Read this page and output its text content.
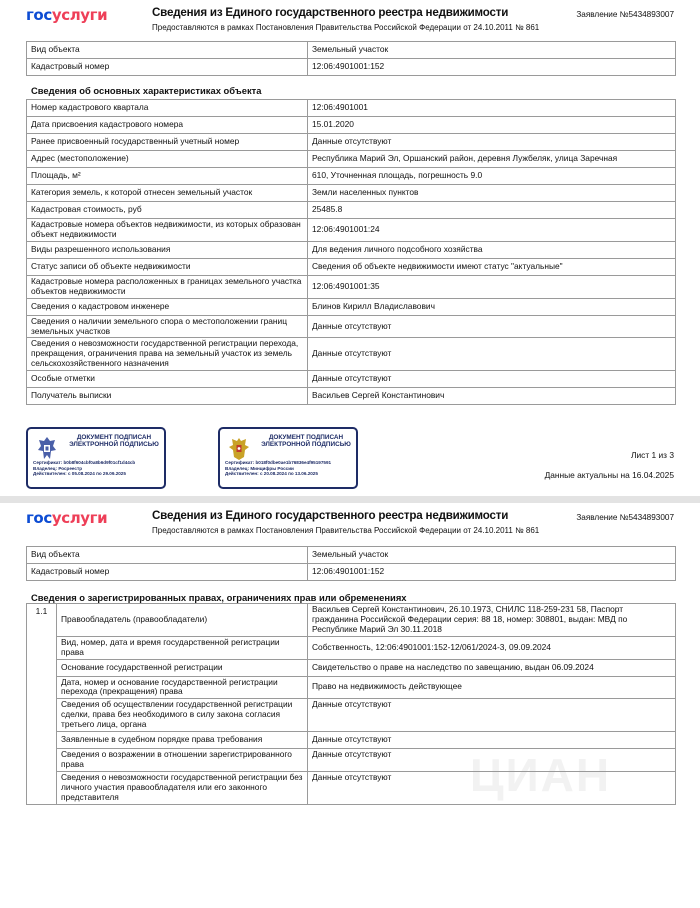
госуслуги	Сведения из Единого государственного реестра недвижимости
Предоставляются в рамках Постановления Правительства Российской Федерации от 24.10.2011 № 861
Заявление №5434893007
Вид объекта	Земельный участок
Кадастровый номер	12:06:4901001:152
Сведения об основных характеристиках объекта
Номер кадастрового квартала	12:06:4901001
Дата присвоения кадастрового номера	15.01.2020
Ранее присвоенный государственный учетный номер	Данные отсутствуют
Адрес (местоположение)	Республика Марий Эл, Оршанский район, деревня Лужбеляк, улица Заречная
Площадь, м²	610, Уточненная площадь, погрешность 9.0
Категория земель, к которой отнесен земельный участок	Земли населенных пунктов
Кадастровая стоимость, руб	25485.8
Кадастровые номера объектов недвижимости, из которых образован объект недвижимости	12:06:4901001:24
Виды разрешенного использования	Для ведения личного подсобного хозяйства
Статус записи об объекте недвижимости	Сведения об объекте недвижимости имеют статус "актуальные"
Кадастровые номера расположенных в границах земельного участка объектов недвижимости	12:06:4901001:35
Сведения о кадастровом инженере	Блинов Кирилл Владиславович
Сведения о наличии земельного спора о местоположении границ земельных участков	Данные отсутствуют
Сведения о невозможности государственной регистрации перехода, прекращения, ограничения права на земельный участок из земель сельскохозяйственного назначения	Данные отсутствуют
Особые отметки	Данные отсутствуют
Получатель выписки	Васильев Сергей Константинович
ДОКУМЕНТ ПОДПИСАН ЭЛЕКТРОННОЙ ПОДПИСЬЮ
Сертификат: b0b8f604cbf0a8b6d9f01cf1d44cb
Владелец: Росреестр
Действителен: с 05.08.2024 по 29.09.2025
ДОКУМЕНТ ПОДПИСАН ЭЛЕКТРОННОЙ ПОДПИСЬЮ
Сертификат: b018f0dbe0ae1b76836e4f95197591
Владелец: Минцифры России
Действителен: с 20.08.2024 по 13.06.2025
Лист 1 из 3
Данные актуальны на 16.04.2025
ЦИАН
госуслуги	Сведения из Единого государственного реестра недвижимости
Предоставляются в рамках Постановления Правительства Российской Федерации от 24.10.2011 № 861
Заявление №5434893007
Вид объекта	Земельный участок
Кадастровый номер	12:06:4901001:152
Сведения о зарегистрированных правах, ограничениях прав или обременениях
1.1	Правообладатель (правообладатели)	Васильев Сергей Константинович, 26.10.1973, СНИЛС 118-259-231 58, Паспорт гражданина Российской Федерации серия: 88 18, номер: 308801, выдан: МВД по Республике Марий Эл 30.11.2018
	Вид, номер, дата и время государственной регистрации права	Собственность, 12:06:4901001:152-12/061/2024-3, 09.09.2024
	Основание государственной регистрации	Свидетельство о праве на наследство по завещанию, выдан 06.09.2024
	Дата, номер и основание государственной регистрации перехода (прекращения) права	Право на недвижимость действующее
	Сведения об осуществлении государственной регистрации сделки, права без необходимого в силу закона согласия третьего лица, органа	Данные отсутствуют
	Заявленные в судебном порядке права требования	Данные отсутствуют
	Сведения о возражении в отношении зарегистрированного права	Данные отсутствуют
	Сведения о невозможности государственной регистрации без личного участия правообладателя или его законного представителя	Данные отсутствуют
